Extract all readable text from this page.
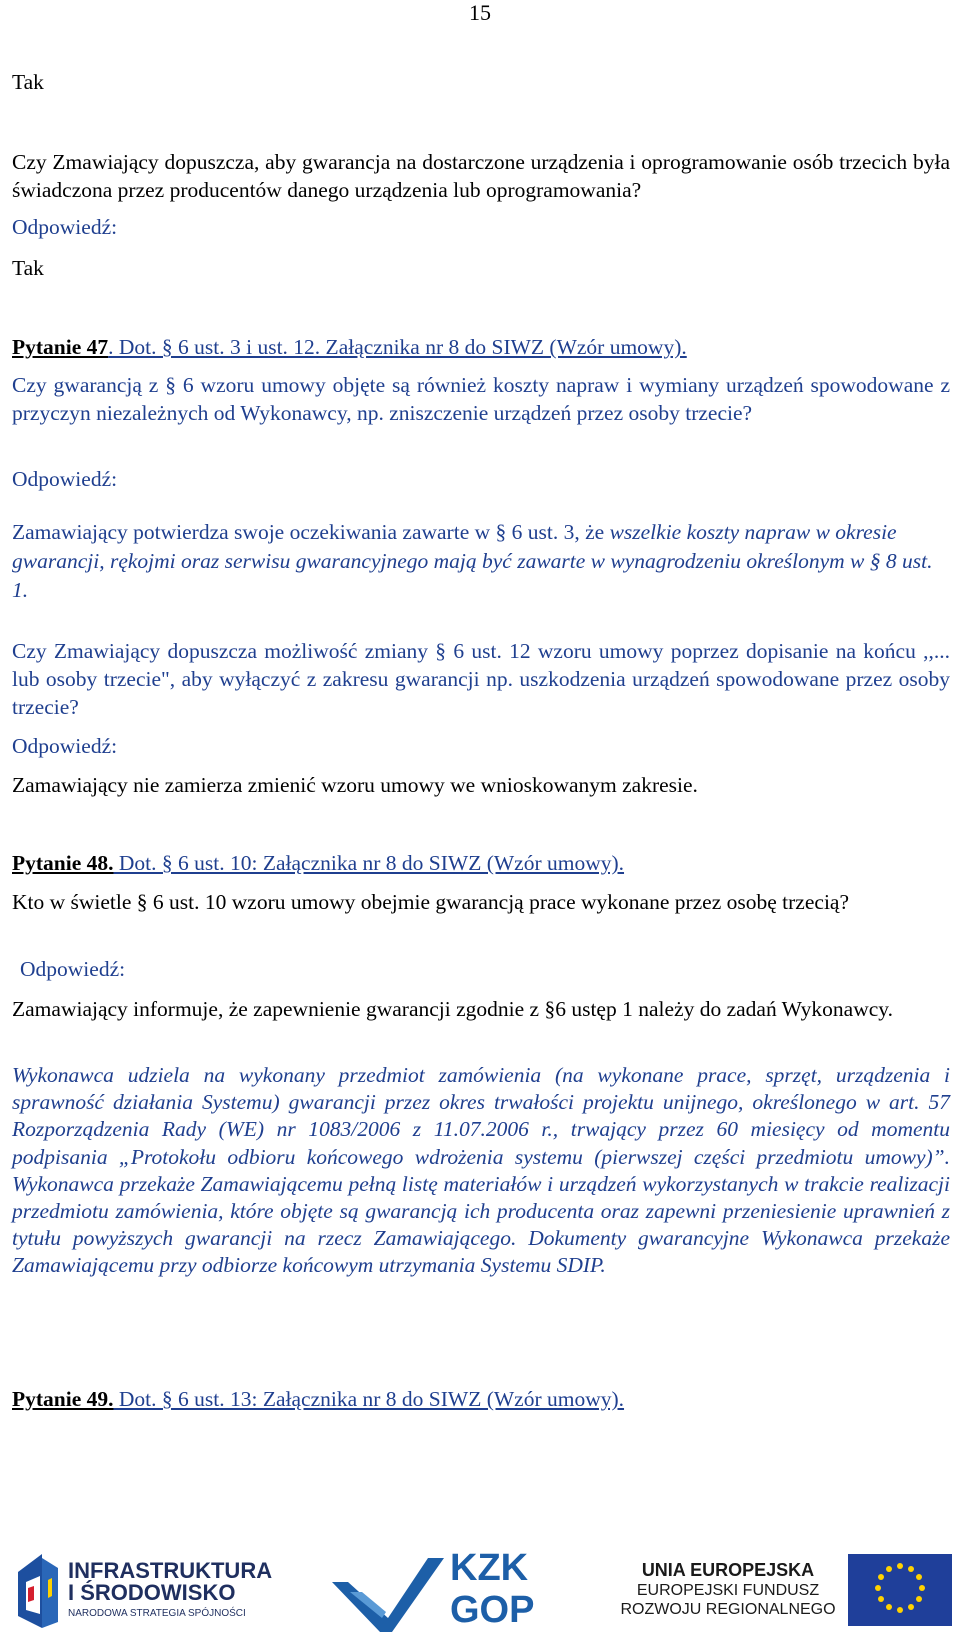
15

Tak

Czy Zmawiający dopuszcza, aby gwarancja na dostarczone urządzenia i oprogramowanie osób trzecich była świadczona przez producentów danego urządzenia lub oprogramowania?

Odpowiedź:

Tak

Pytanie 47. Dot. § 6 ust. 3 i ust. 12. Załącznika nr 8 do SIWZ (Wzór umowy).

Czy gwarancją z § 6 wzoru umowy objęte są również koszty napraw i wymiany urządzeń spowodowane z przyczyn niezależnych od Wykonawcy, np. zniszczenie urządzeń przez osoby trzecie?

Odpowiedź:

Zamawiający potwierdza swoje oczekiwania zawarte w § 6 ust. 3, że wszelkie koszty napraw w okresie gwarancji, rękojmi oraz serwisu gwarancyjnego mają być zawarte w wynagrodzeniu określonym w § 8 ust. 1.

Czy Zmawiający dopuszcza możliwość zmiany § 6 ust. 12 wzoru umowy poprzez dopisanie na końcu ,,... lub osoby trzecie", aby wyłączyć z zakresu gwarancji np. uszkodzenia urządzeń spowodowane przez osoby trzecie?

Odpowiedź:

Zamawiający nie zamierza zmienić wzoru umowy we wnioskowanym zakresie.

Pytanie 48. Dot. § 6 ust. 10: Załącznika nr 8 do SIWZ (Wzór umowy).

Kto w świetle § 6 ust. 10 wzoru umowy obejmie gwarancją prace wykonane przez osobę trzecią?

Odpowiedź:

Zamawiający informuje, że zapewnienie gwarancji zgodnie z §6 ustęp 1 należy do zadań Wykonawcy.

Wykonawca udziela na wykonany przedmiot zamówienia (na wykonane prace, sprzęt, urządzenia i sprawność działania Systemu) gwarancji przez okres trwałości projektu unijnego, określonego w art. 57 Rozporządzenia Rady (WE) nr 1083/2006 z 11.07.2006 r., trwający przez 60 miesięcy od momentu podpisania „Protokołu odbioru końcowego wdrożenia systemu (pierwszej części przedmiotu umowy)”. Wykonawca przekaże Zamawiającemu pełną listę materiałów i urządzeń wykorzystanych w trakcie realizacji przedmiotu zamówienia, które objęte są gwarancją ich producenta oraz zapewni przeniesienie uprawnień z tytułu powyższych gwarancji na rzecz Zamawiającego. Dokumenty gwarancyjne Wykonawca przekaże Zamawiającemu przy odbiorze końcowym utrzymania Systemu SDIP.

Pytanie 49. Dot. § 6 ust. 13: Załącznika nr 8 do SIWZ (Wzór umowy).

INFRASTRUKTURA
I ŚRODOWISKO
NARODOWA STRATEGIA SPÓJNOŚCI
KZK
GOP
UNIA EUROPEJSKA
EUROPEJSKI FUNDUSZ
ROZWOJU REGIONALNEGO
